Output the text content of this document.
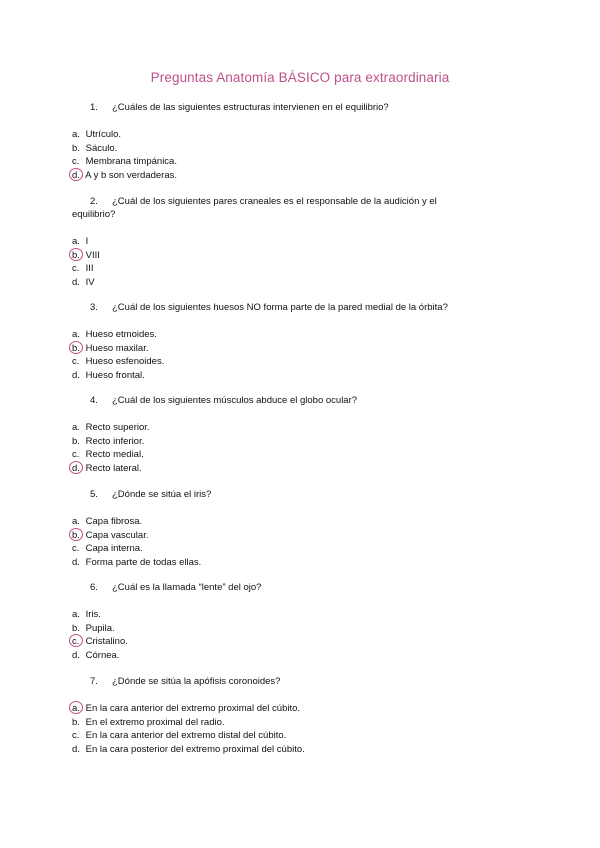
Preguntas Anatomía BÁSICO para extraordinaria
1. ¿Cuáles de las siguientes estructuras intervienen en el equilibrio?
a. Utrículo.
b. Sáculo.
c. Membrana timpánica.
d. A y b son verdaderas.
2. ¿Cuál de los siguientes pares craneales es el responsable de la audición y el
equilibrio?
a. I
b. VIII
c. III
d. IV
3. ¿Cuál de los siguientes huesos NO forma parte de la pared medial de la órbita?
a. Hueso etmoides.
b. Hueso maxilar.
c. Hueso esfenoides.
d. Hueso frontal.
4. ¿Cuál de los siguientes músculos abduce el globo ocular?
a. Recto superior.
b. Recto inferior.
c. Recto medial.
d. Recto lateral.
5. ¿Dónde se sitúa el iris?
a. Capa fibrosa.
b. Capa vascular.
c. Capa interna.
d. Forma parte de todas ellas.
6. ¿Cuál es la llamada “lente” del ojo?
a. Iris.
b. Pupila.
c. Cristalino.
d. Córnea.
7. ¿Dónde se sitúa la apófisis coronoides?
a. En la cara anterior del extremo proximal del cúbito.
b. En el extremo proximal del radio.
c. En la cara anterior del extremo distal del cúbito.
d. En la cara posterior del extremo proximal del cúbito.
